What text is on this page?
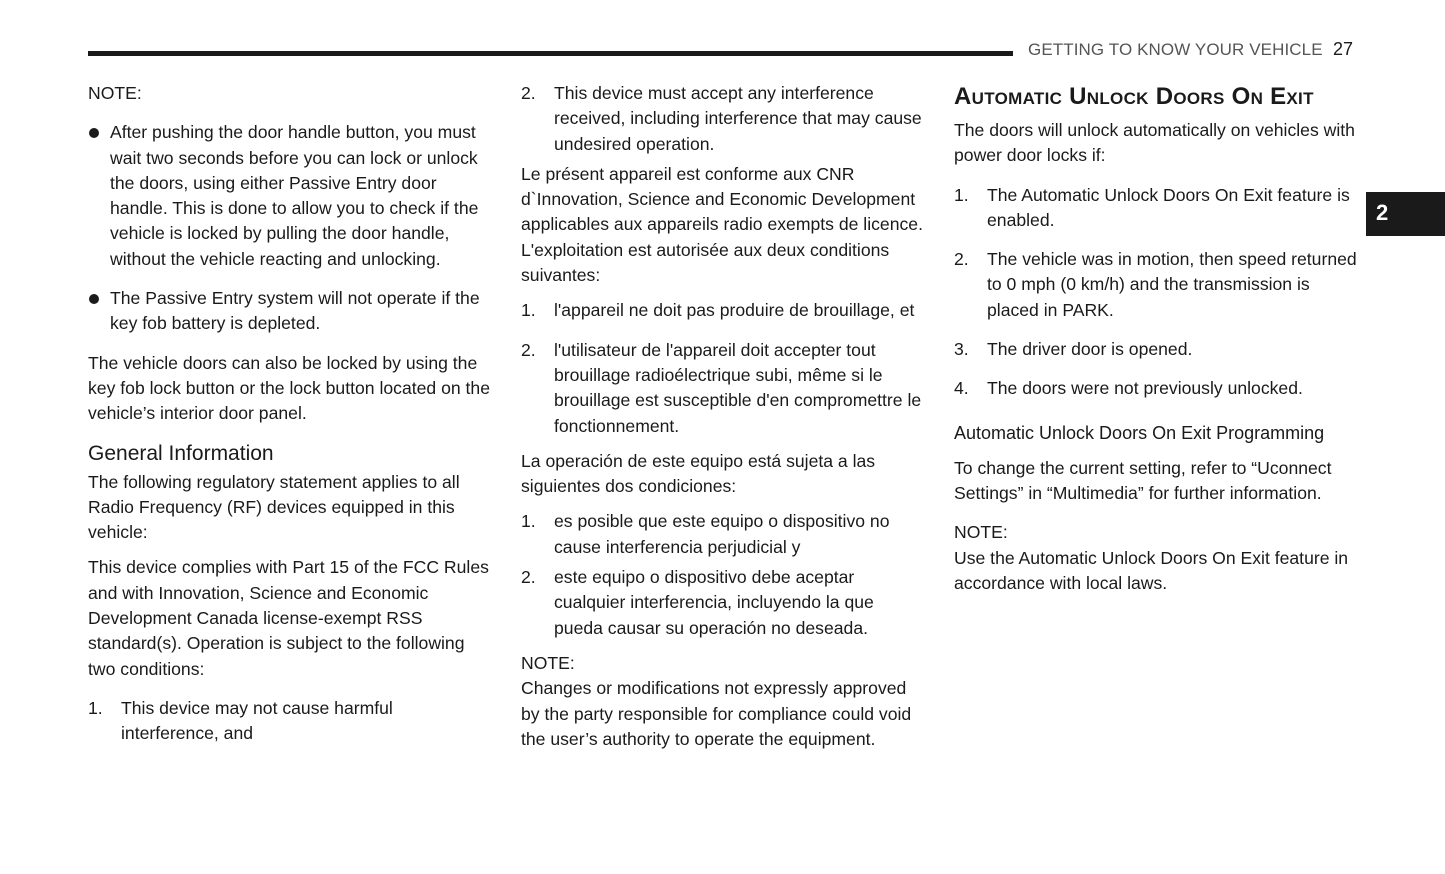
GETTING TO KNOW YOUR VEHICLE 27
2

NOTE:

After pushing the door handle button, you must wait two seconds before you can lock or unlock the doors, using either Passive Entry door handle. This is done to allow you to check if the vehicle is locked by pulling the door handle, without the vehicle reacting and unlocking.
The Passive Entry system will not operate if the key fob battery is depleted.

The vehicle doors can also be locked by using the key fob lock button or the lock button located on the vehicle’s interior door panel.

General Information

The following regulatory statement applies to all Radio Frequency (RF) devices equipped in this vehicle:

This device complies with Part 15 of the FCC Rules and with Innovation, Science and Economic Development Canada license-exempt RSS standard(s). Operation is subject to the following two conditions:

1. This device may not cause harmful interference, and
2. This device must accept any interference received, including interference that may cause undesired operation.

Le présent appareil est conforme aux CNR d`Innovation, Science and Economic Development applicables aux appareils radio exempts de licence. L'exploitation est autorisée aux deux conditions suivantes:

1. l'appareil ne doit pas produire de brouillage, et
2. l'utilisateur de l'appareil doit accepter tout brouillage radioélectrique subi, même si le brouillage est susceptible d'en compromettre le fonctionnement.

La operación de este equipo está sujeta a las siguientes dos condiciones:

1. es posible que este equipo o dispositivo no cause interferencia perjudicial y
2. este equipo o dispositivo debe aceptar cualquier interferencia, incluyendo la que pueda causar su operación no deseada.

NOTE:

Changes or modifications not expressly approved by the party responsible for compliance could void the user’s authority to operate the equipment.

Automatic Unlock Doors On Exit

The doors will unlock automatically on vehicles with power door locks if:

1. The Automatic Unlock Doors On Exit feature is enabled.
2. The vehicle was in motion, then speed returned to 0 mph (0 km/h) and the transmission is placed in PARK.
3. The driver door is opened.
4. The doors were not previously unlocked.

Automatic Unlock Doors On Exit Programming

To change the current setting, refer to “Uconnect Settings” in “Multimedia” for further information.

NOTE:

Use the Automatic Unlock Doors On Exit feature in accordance with local laws.
